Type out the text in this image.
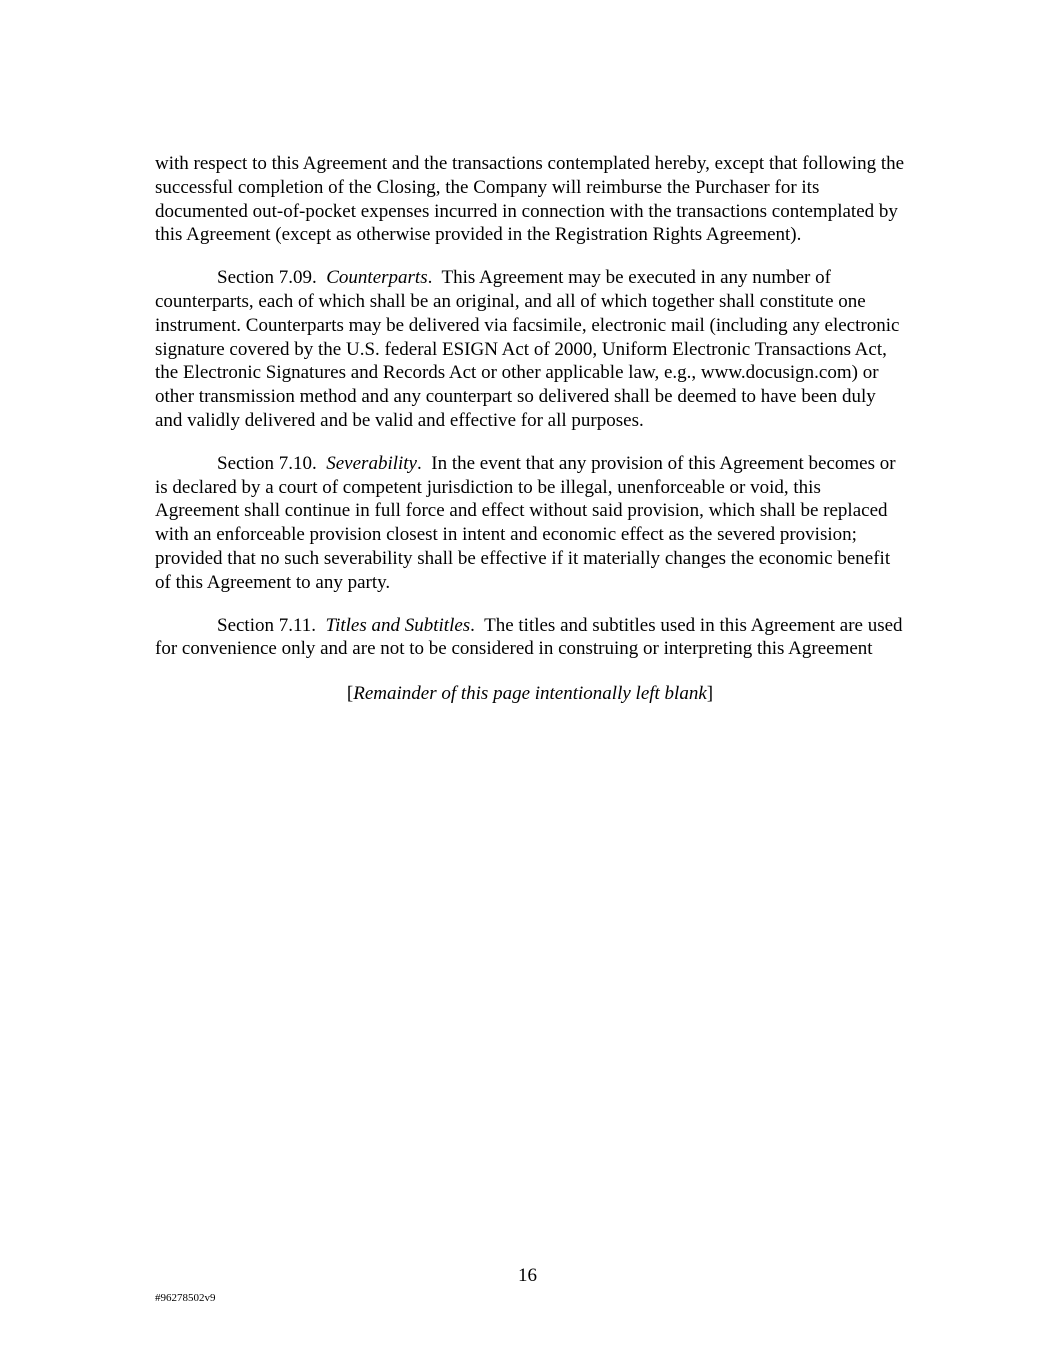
with respect to this Agreement and the transactions contemplated hereby, except that following the successful completion of the Closing, the Company will reimburse the Purchaser for its documented out-of-pocket expenses incurred in connection with the transactions contemplated by this Agreement (except as otherwise provided in the Registration Rights Agreement).

Section 7.09. Counterparts.  This Agreement may be executed in any number of counterparts, each of which shall be an original, and all of which together shall constitute one instrument. Counterparts may be delivered via facsimile, electronic mail (including any electronic signature covered by the U.S. federal ESIGN Act of 2000, Uniform Electronic Transactions Act, the Electronic Signatures and Records Act or other applicable law, e.g., www.docusign.com) or other transmission method and any counterpart so delivered shall be deemed to have been duly and validly delivered and be valid and effective for all purposes.

Section 7.10. Severability.  In the event that any provision of this Agreement becomes or is declared by a court of competent jurisdiction to be illegal, unenforceable or void, this Agreement shall continue in full force and effect without said provision, which shall be replaced with an enforceable provision closest in intent and economic effect as the severed provision; provided that no such severability shall be effective if it materially changes the economic benefit of this Agreement to any party.

Section 7.11. Titles and Subtitles.  The titles and subtitles used in this Agreement are used for convenience only and are not to be considered in construing or interpreting this Agreement

[Remainder of this page intentionally left blank]

16
#96278502v9
